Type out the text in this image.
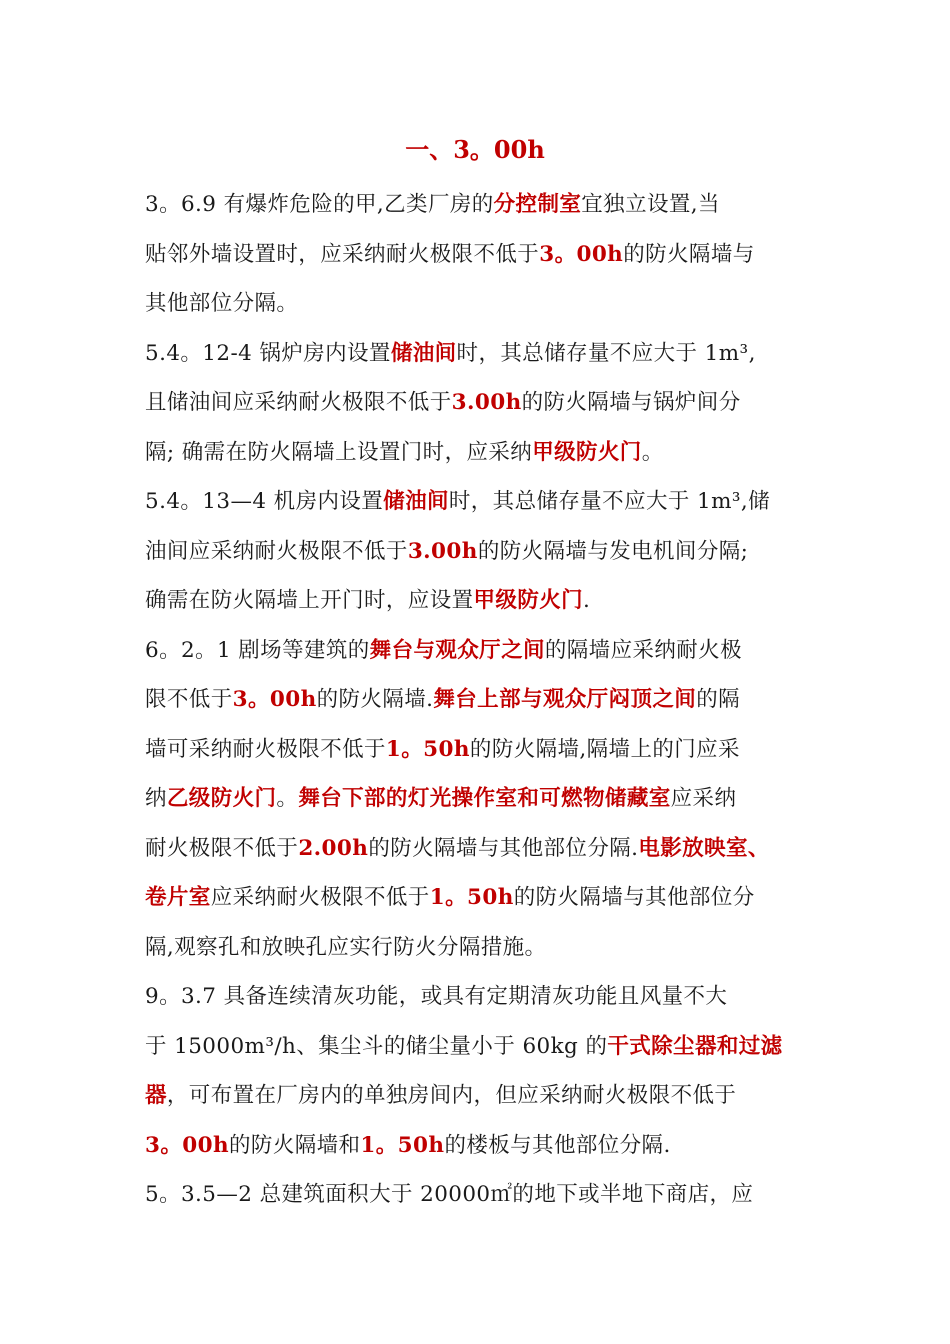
一、3。00h
3。6.9 有爆炸危险的甲,乙类厂房的分控制室宜独立设置,当
贴邻外墙设置时，应采纳耐火极限不低于3。00h的防火隔墙与
其他部位分隔。
5.4。12-4 锅炉房内设置储油间时，其总储存量不应大于 1m³,
且储油间应采纳耐火极限不低于3.00h的防火隔墙与锅炉间分
隔; 确需在防火隔墙上设置门时，应采纳甲级防火门。
5.4。13—4 机房内设置储油间时，其总储存量不应大于 1m³,储
油间应采纳耐火极限不低于3.00h的防火隔墙与发电机间分隔;
确需在防火隔墙上开门时，应设置甲级防火门.
6。2。1 剧场等建筑的舞台与观众厅之间的隔墙应采纳耐火极
限不低于3。00h的防火隔墙.舞台上部与观众厅闷顶之间的隔
墙可采纳耐火极限不低于1。50h的防火隔墙,隔墙上的门应采
纳乙级防火门。舞台下部的灯光操作室和可燃物储藏室应采纳
耐火极限不低于2.00h的防火隔墙与其他部位分隔.电影放映室、
卷片室应采纳耐火极限不低于1。50h的防火隔墙与其他部位分
隔,观察孔和放映孔应实行防火分隔措施。
9。3.7 具备连续清灰功能，或具有定期清灰功能且风量不大
于 15000m³/h、集尘斗的储尘量小于 60kg 的干式除尘器和过滤
器，可布置在厂房内的单独房间内，但应采纳耐火极限不低于
3。00h的防火隔墙和1。50h的楼板与其他部位分隔.
5。3.5—2 总建筑面积大于 20000㎡的地下或半地下商店，应
